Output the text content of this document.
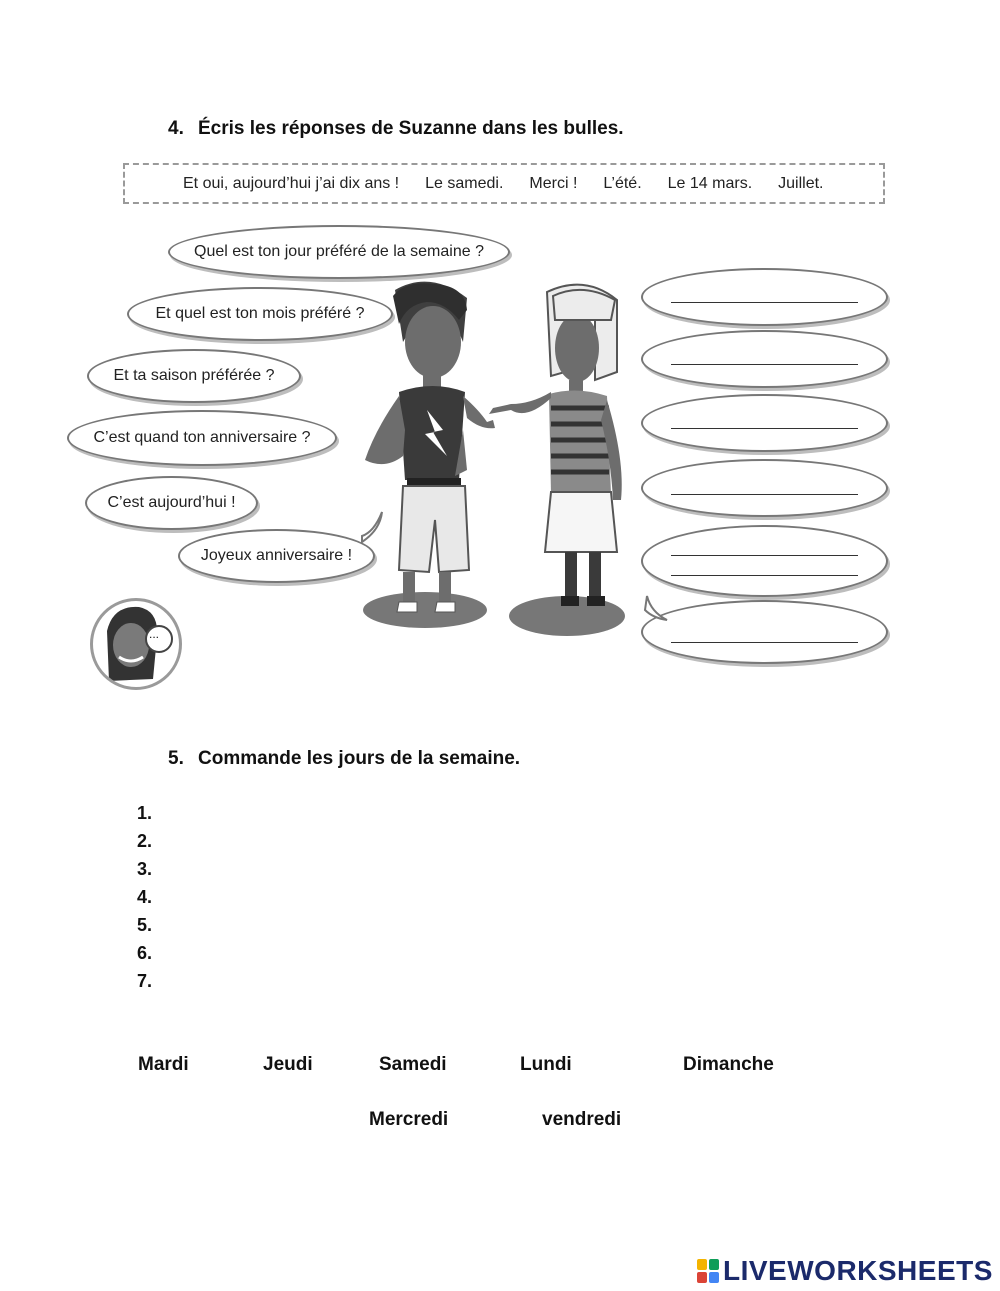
4. Écris les réponses de Suzanne dans les bulles.
Et oui, aujourd’hui j’ai dix ans ! Le samedi. Merci ! L’été. Le 14 mars. Juillet.
Quel est ton jour préféré de la semaine ?
Et quel est ton mois préféré ?
Et ta saison préférée ?
C’est quand ton anniversaire ?
C’est aujourd’hui !
Joyeux anniversaire !
...
5. Commande les jours de la semaine.
1.
2.
3.
4.
5.
6.
7.
Mardi	Jeudi	Samedi	Lundi	Dimanche
Mercredi	vendredi
LIVEWORKSHEETS
